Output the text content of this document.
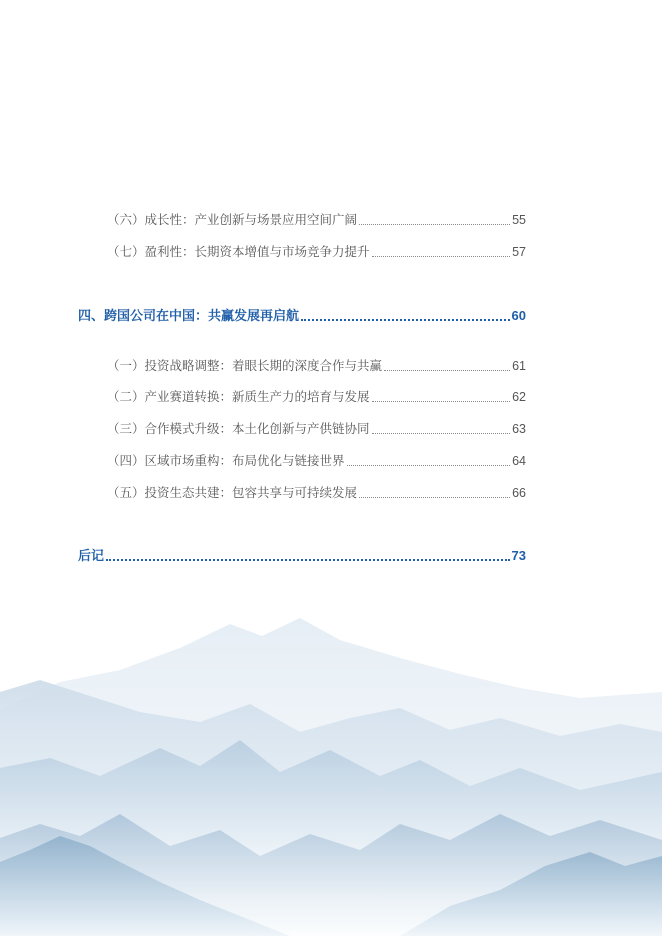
（六）成长性：产业创新与场景应用空间广阔	55
（七）盈利性：长期资本增值与市场竞争力提升	57
四、跨国公司在中国：共赢发展再启航	60
（一）投资战略调整：着眼长期的深度合作与共赢	61
（二）产业赛道转换：新质生产力的培育与发展	62
（三）合作模式升级：本土化创新与产供链协同	63
（四）区域市场重构：布局优化与链接世界	64
（五）投资生态共建：包容共享与可持续发展	66
后记	73
